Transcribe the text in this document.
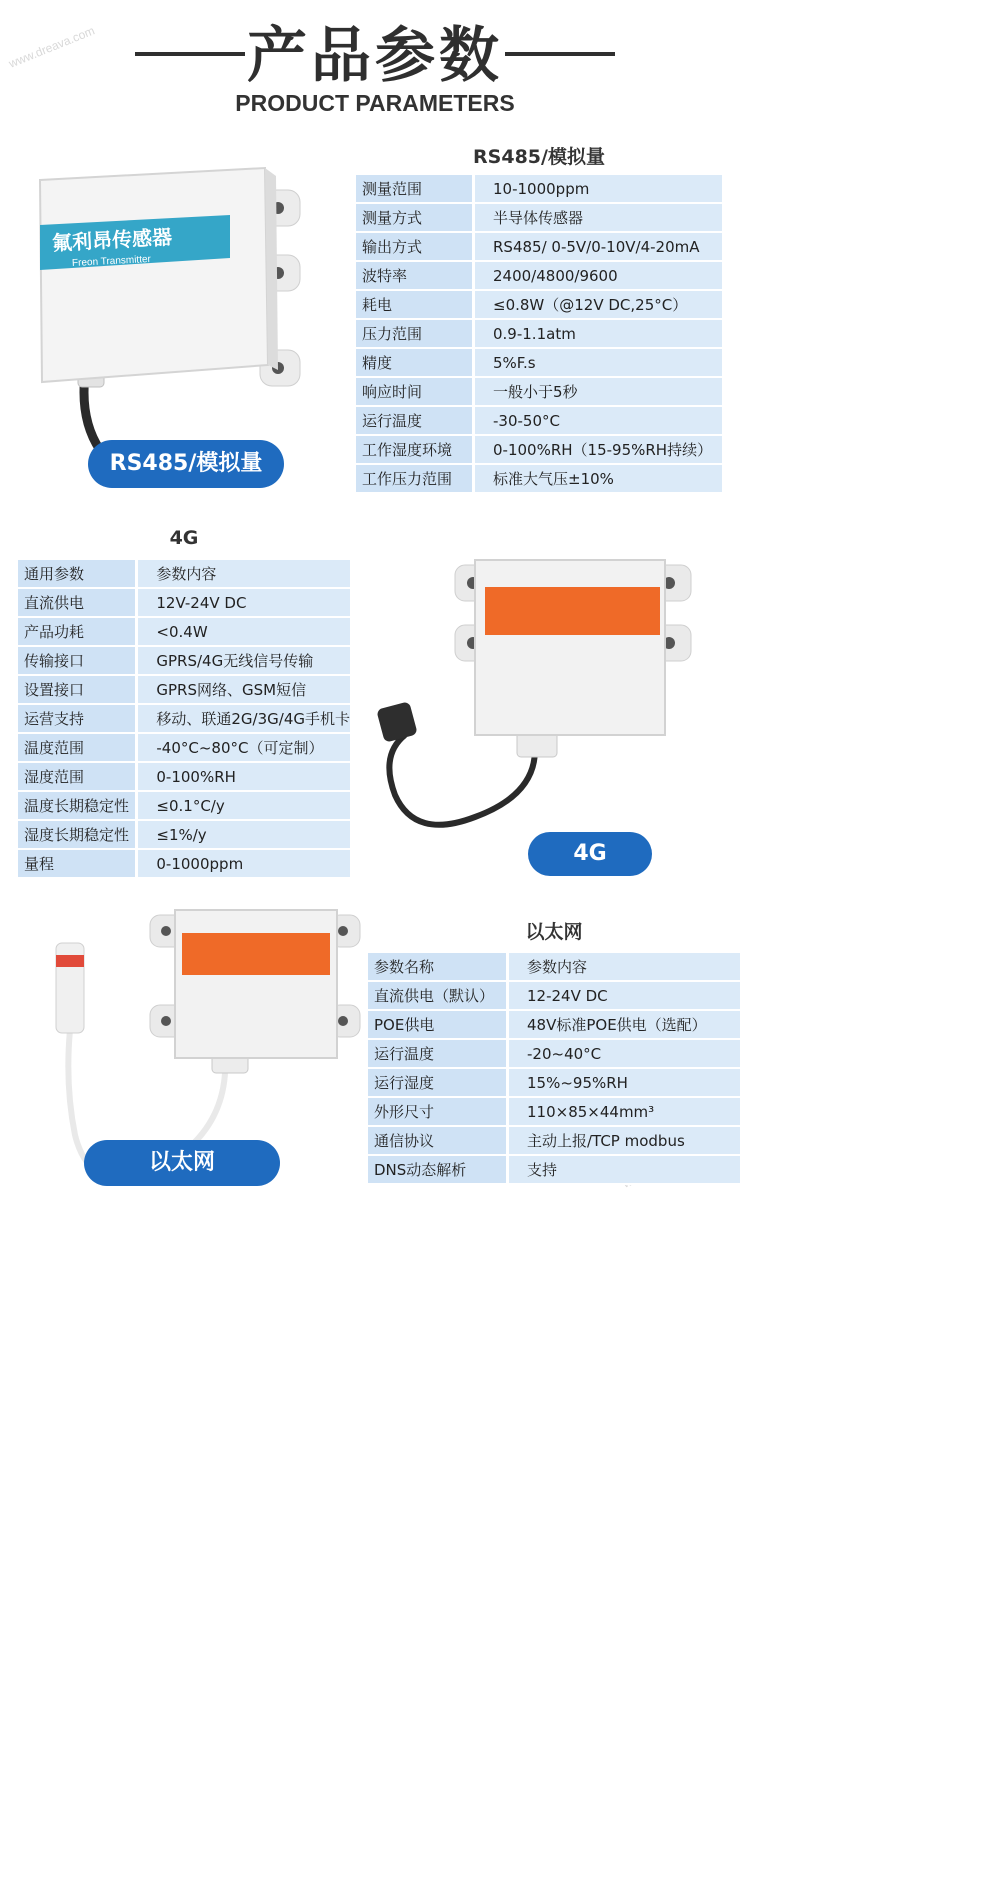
产品参数
PRODUCT PARAMETERS
www.dreava.com
氟利昂传感器
Freon Transmitter
RS485/模拟量
RS485/模拟量
测量范围	10-1000ppm
测量方式	半导体传感器
输出方式	RS485/ 0-5V/0-10V/4-20mA
波特率	2400/4800/9600
耗电	≤0.8W（@12V DC,25°C）
压力范围	0.9-1.1atm
精度	5%F.s
响应时间	一般小于5秒
运行温度	-30-50°C
工作湿度环境	0-100%RH（15-95%RH持续）
工作压力范围	标准大气压±10%
4G
通用参数	参数内容
直流供电	12V-24V DC
产品功耗	<0.4W
传输接口	GPRS/4G无线信号传输
设置接口	GPRS网络、GSM短信
运营支持	移动、联通2G/3G/4G手机卡
温度范围	-40°C~80°C（可定制）
湿度范围	0-100%RH
温度长期稳定性	≤0.1°C/y
湿度长期稳定性	≤1%/y
量程	0-1000ppm
网络型
Freon Transmitter
氟利昂传感器
4G
网络型	Feon Transmitter
氟利昂传感器
以太网
以太网
参数名称	参数内容
直流供电（默认）	12-24V DC
POE供电	48V标准POE供电（选配）
运行温度	-20~40°C
运行湿度	15%~95%RH
外形尺寸	110×85×44mm³
通信协议	主动上报/TCP modbus
DNS动态解析	支持
